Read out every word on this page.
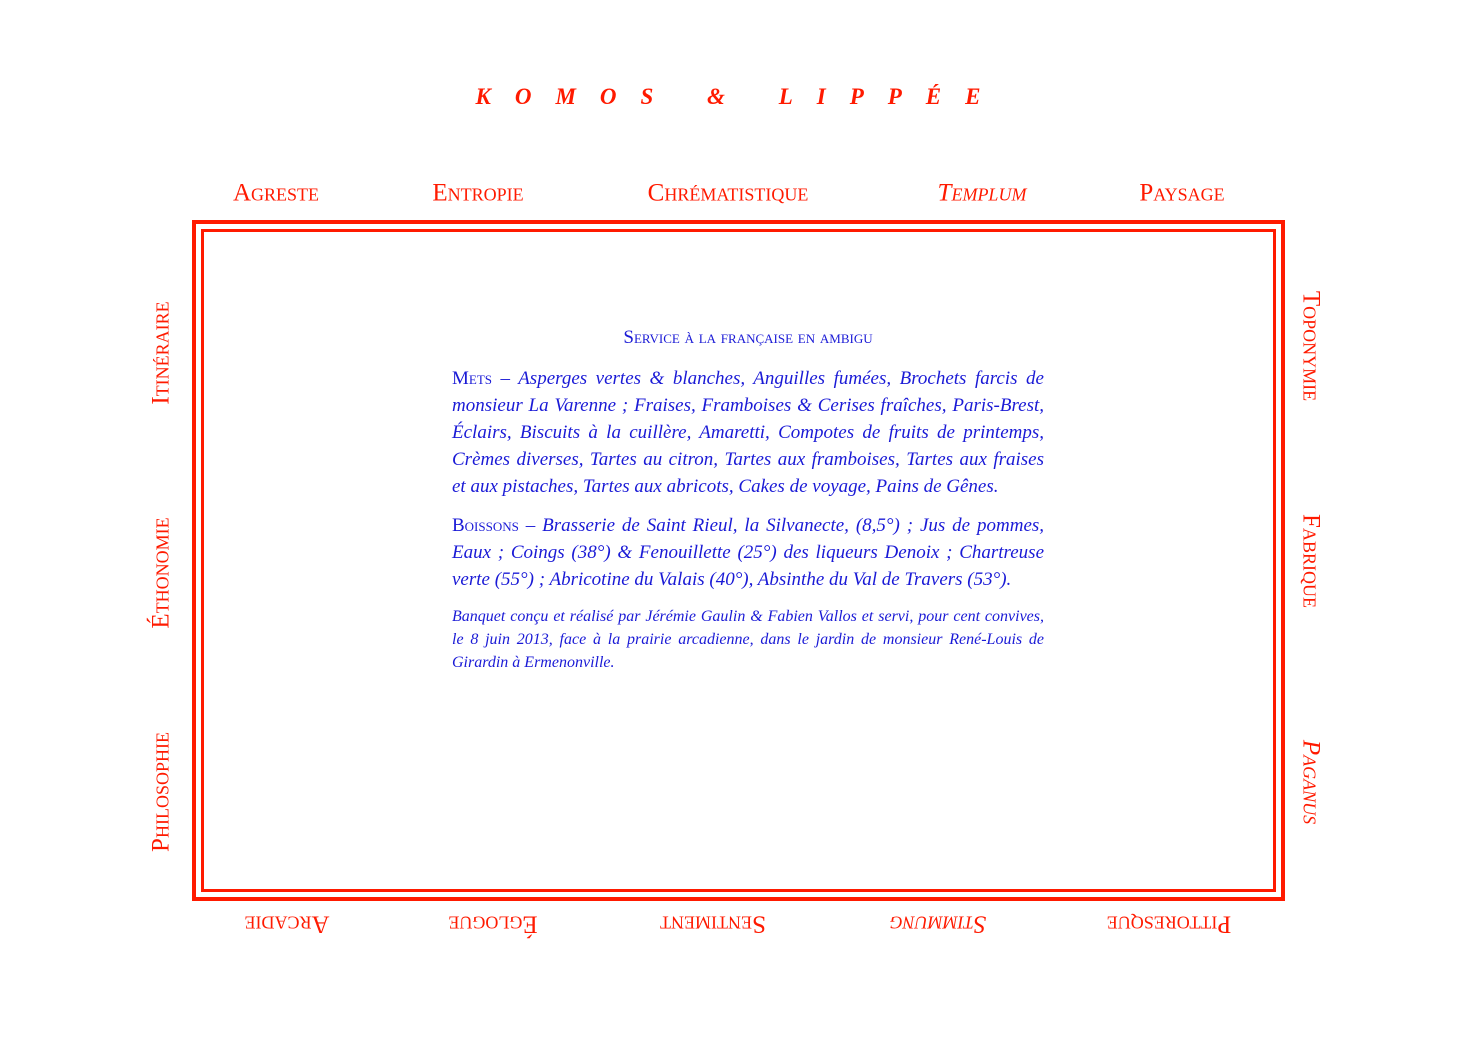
KOMOS & LIPPÉE
Agreste	Entropie	Chrématistique	Templum	Paysage
Itinéraire
Éthonomie
Philosophie
Toponymie
Fabrique
Paganus
Arcadie	Églogue	Sentiment	Stimmung	Pittoresque
Service à la française en ambigu

Mets – Asperges vertes & blanches, Anguilles fumées, Brochets farcis de monsieur La Varenne ; Fraises, Framboises & Cerises fraîches, Paris-Brest, Éclairs, Biscuits à la cuillère, Amaretti, Compotes de fruits de printemps, Crèmes diverses, Tartes au citron, Tartes aux framboises, Tartes aux fraises et aux pistaches, Tartes aux abricots, Cakes de voyage, Pains de Gênes.

Boissons – Brasserie de Saint Rieul, la Silvanecte, (8,5°) ; Jus de pommes, Eaux ; Coings (38°) & Fenouillette (25°) des liqueurs Denoix ; Chartreuse verte (55°) ; Abricotine du Valais (40°), Absinthe du Val de Travers (53°).

Banquet conçu et réalisé par Jérémie Gaulin & Fabien Vallos et servi, pour cent convives, le 8 juin 2013, face à la prairie arcadienne, dans le jardin de monsieur René-Louis de Girardin à Ermenonville.
